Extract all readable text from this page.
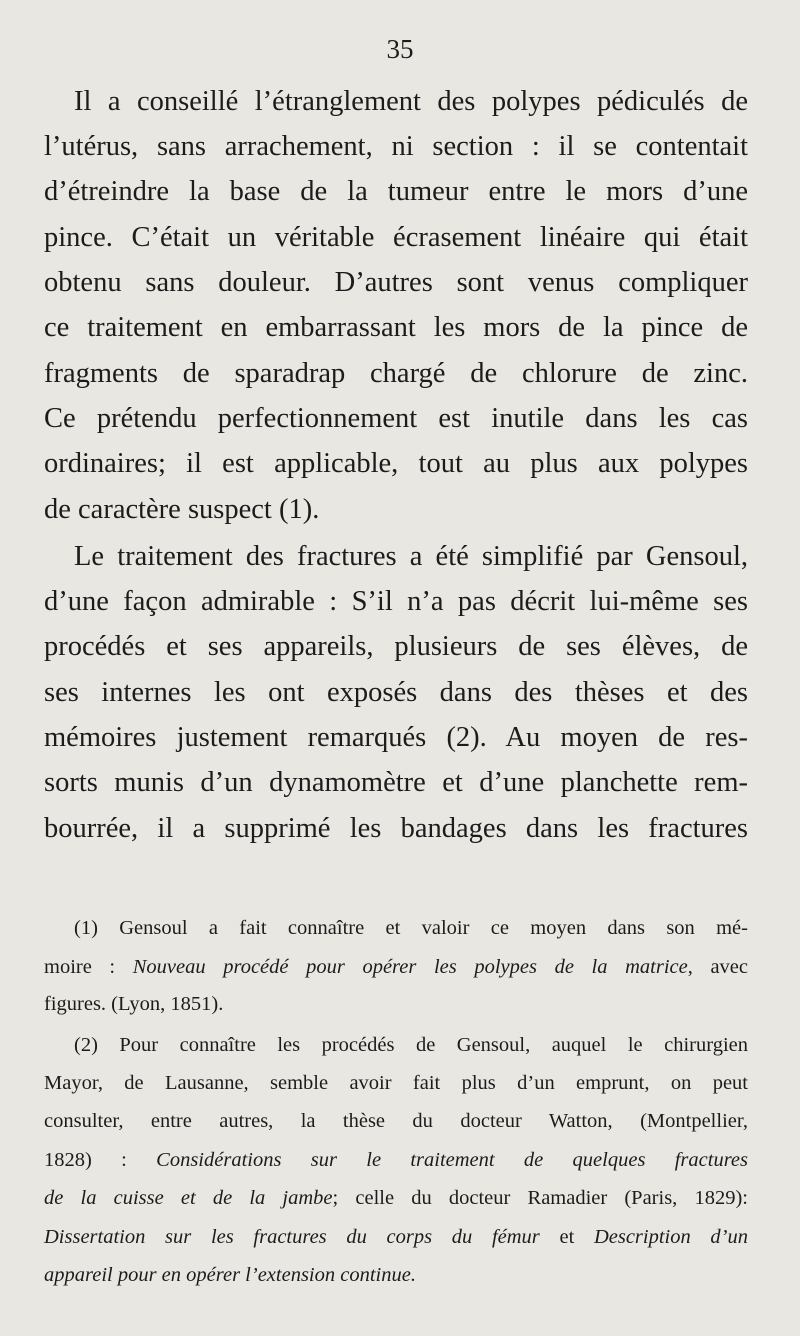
35
Il a conseillé l’étranglement des polypes pédiculés de
l’utérus, sans arrachement, ni section : il se contentait
d’étreindre la base de la tumeur entre le mors d’une
pince. C’était un véritable écrasement linéaire qui était
obtenu sans douleur. D’autres sont venus compliquer
ce traitement en embarrassant les mors de la pince de
fragments de sparadrap chargé de chlorure de zinc.
Ce prétendu perfectionnement est inutile dans les cas
ordinaires; il est applicable, tout au plus aux polypes
de caractère suspect (1).
Le traitement des fractures a été simplifié par Gensoul,
d’une façon admirable : S’il n’a pas décrit lui-même ses
procédés et ses appareils, plusieurs de ses élèves, de
ses internes les ont exposés dans des thèses et des
mémoires justement remarqués (2). Au moyen de res-
sorts munis d’un dynamomètre et d’une planchette rem-
bourrée, il a supprimé les bandages dans les fractures
(1) Gensoul a fait connaître et valoir ce moyen dans son mé-
moire : Nouveau procédé pour opérer les polypes de la matrice, avec
figures. (Lyon, 1851).
(2) Pour connaître les procédés de Gensoul, auquel le chirurgien
Mayor, de Lausanne, semble avoir fait plus d’un emprunt, on peut
consulter, entre autres, la thèse du docteur Watton, (Montpellier,
1828) : Considérations sur le traitement de quelques fractures
de la cuisse et de la jambe; celle du docteur Ramadier (Paris, 1829):
Dissertation sur les fractures du corps du fémur et Description d’un
appareil pour en opérer l’extension continue.
